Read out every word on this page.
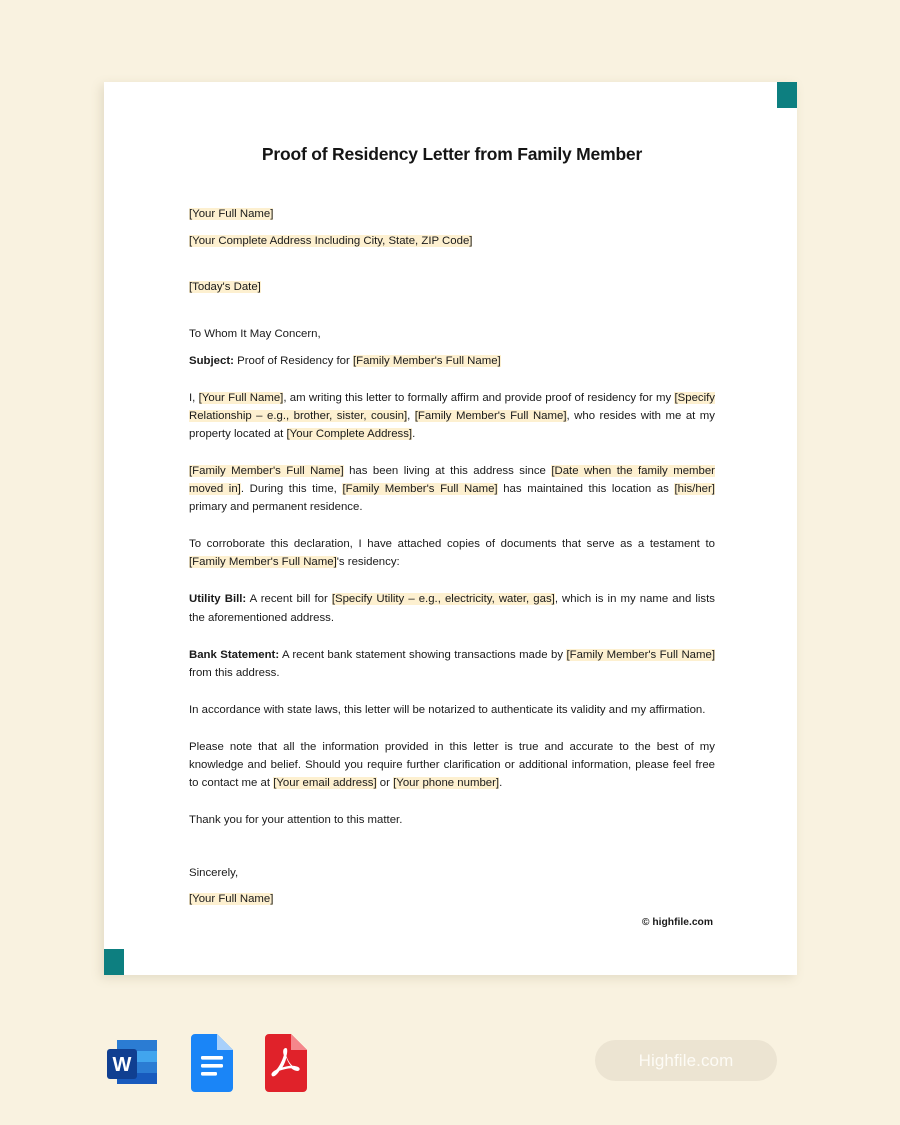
Proof of Residency Letter from Family Member
[Your Full Name]
[Your Complete Address Including City, State, ZIP Code]
[Today's Date]
To Whom It May Concern,
Subject: Proof of Residency for [Family Member's Full Name]
I, [Your Full Name], am writing this letter to formally affirm and provide proof of residency for my [Specify Relationship – e.g., brother, sister, cousin], [Family Member's Full Name], who resides with me at my property located at [Your Complete Address].
[Family Member's Full Name] has been living at this address since [Date when the family member moved in]. During this time, [Family Member's Full Name] has maintained this location as [his/her] primary and permanent residence.
To corroborate this declaration, I have attached copies of documents that serve as a testament to [Family Member's Full Name]'s residency:
Utility Bill: A recent bill for [Specify Utility – e.g., electricity, water, gas], which is in my name and lists the aforementioned address.
Bank Statement: A recent bank statement showing transactions made by [Family Member's Full Name] from this address.
In accordance with state laws, this letter will be notarized to authenticate its validity and my affirmation.
Please note that all the information provided in this letter is true and accurate to the best of my knowledge and belief. Should you require further clarification or additional information, please feel free to contact me at [Your email address] or [Your phone number].
Thank you for your attention to this matter.
Sincerely,
[Your Full Name]
© highfile.com
W	Highfile.com
